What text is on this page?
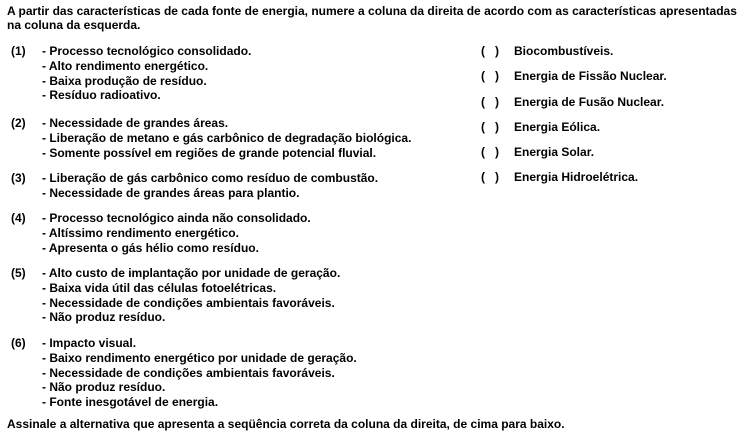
A partir das características de cada fonte de energia, numere a coluna da direita de acordo com as características apresentadas na coluna da esquerda.
(1) - Processo tecnológico consolidado.
- Alto rendimento energético.
- Baixa produção de resíduo.
- Resíduo radioativo.
(2) - Necessidade de grandes áreas.
- Liberação de metano e gás carbônico de degradação biológica.
- Somente possível em regiões de grande potencial fluvial.
(3) - Liberação de gás carbônico como resíduo de combustão.
- Necessidade de grandes áreas para plantio.
(4) - Processo tecnológico ainda não consolidado.
- Altíssimo rendimento energético.
- Apresenta o gás hélio como resíduo.
(5) - Alto custo de implantação por unidade de geração.
- Baixa vida útil das células fotoelétricas.
- Necessidade de condições ambientais favoráveis.
- Não produz resíduo.
(6) - Impacto visual.
- Baixo rendimento energético por unidade de geração.
- Necessidade de condições ambientais favoráveis.
- Não produz resíduo.
- Fonte inesgotável de energia.
(   ) Biocombustíveis.
(   ) Energia de Fissão Nuclear.
(   ) Energia de Fusão Nuclear.
(   ) Energia Eólica.
(   ) Energia Solar.
(   ) Energia Hidroelétrica.
Assinale a alternativa que apresenta a seqüência correta da coluna da direita, de cima para baixo.
